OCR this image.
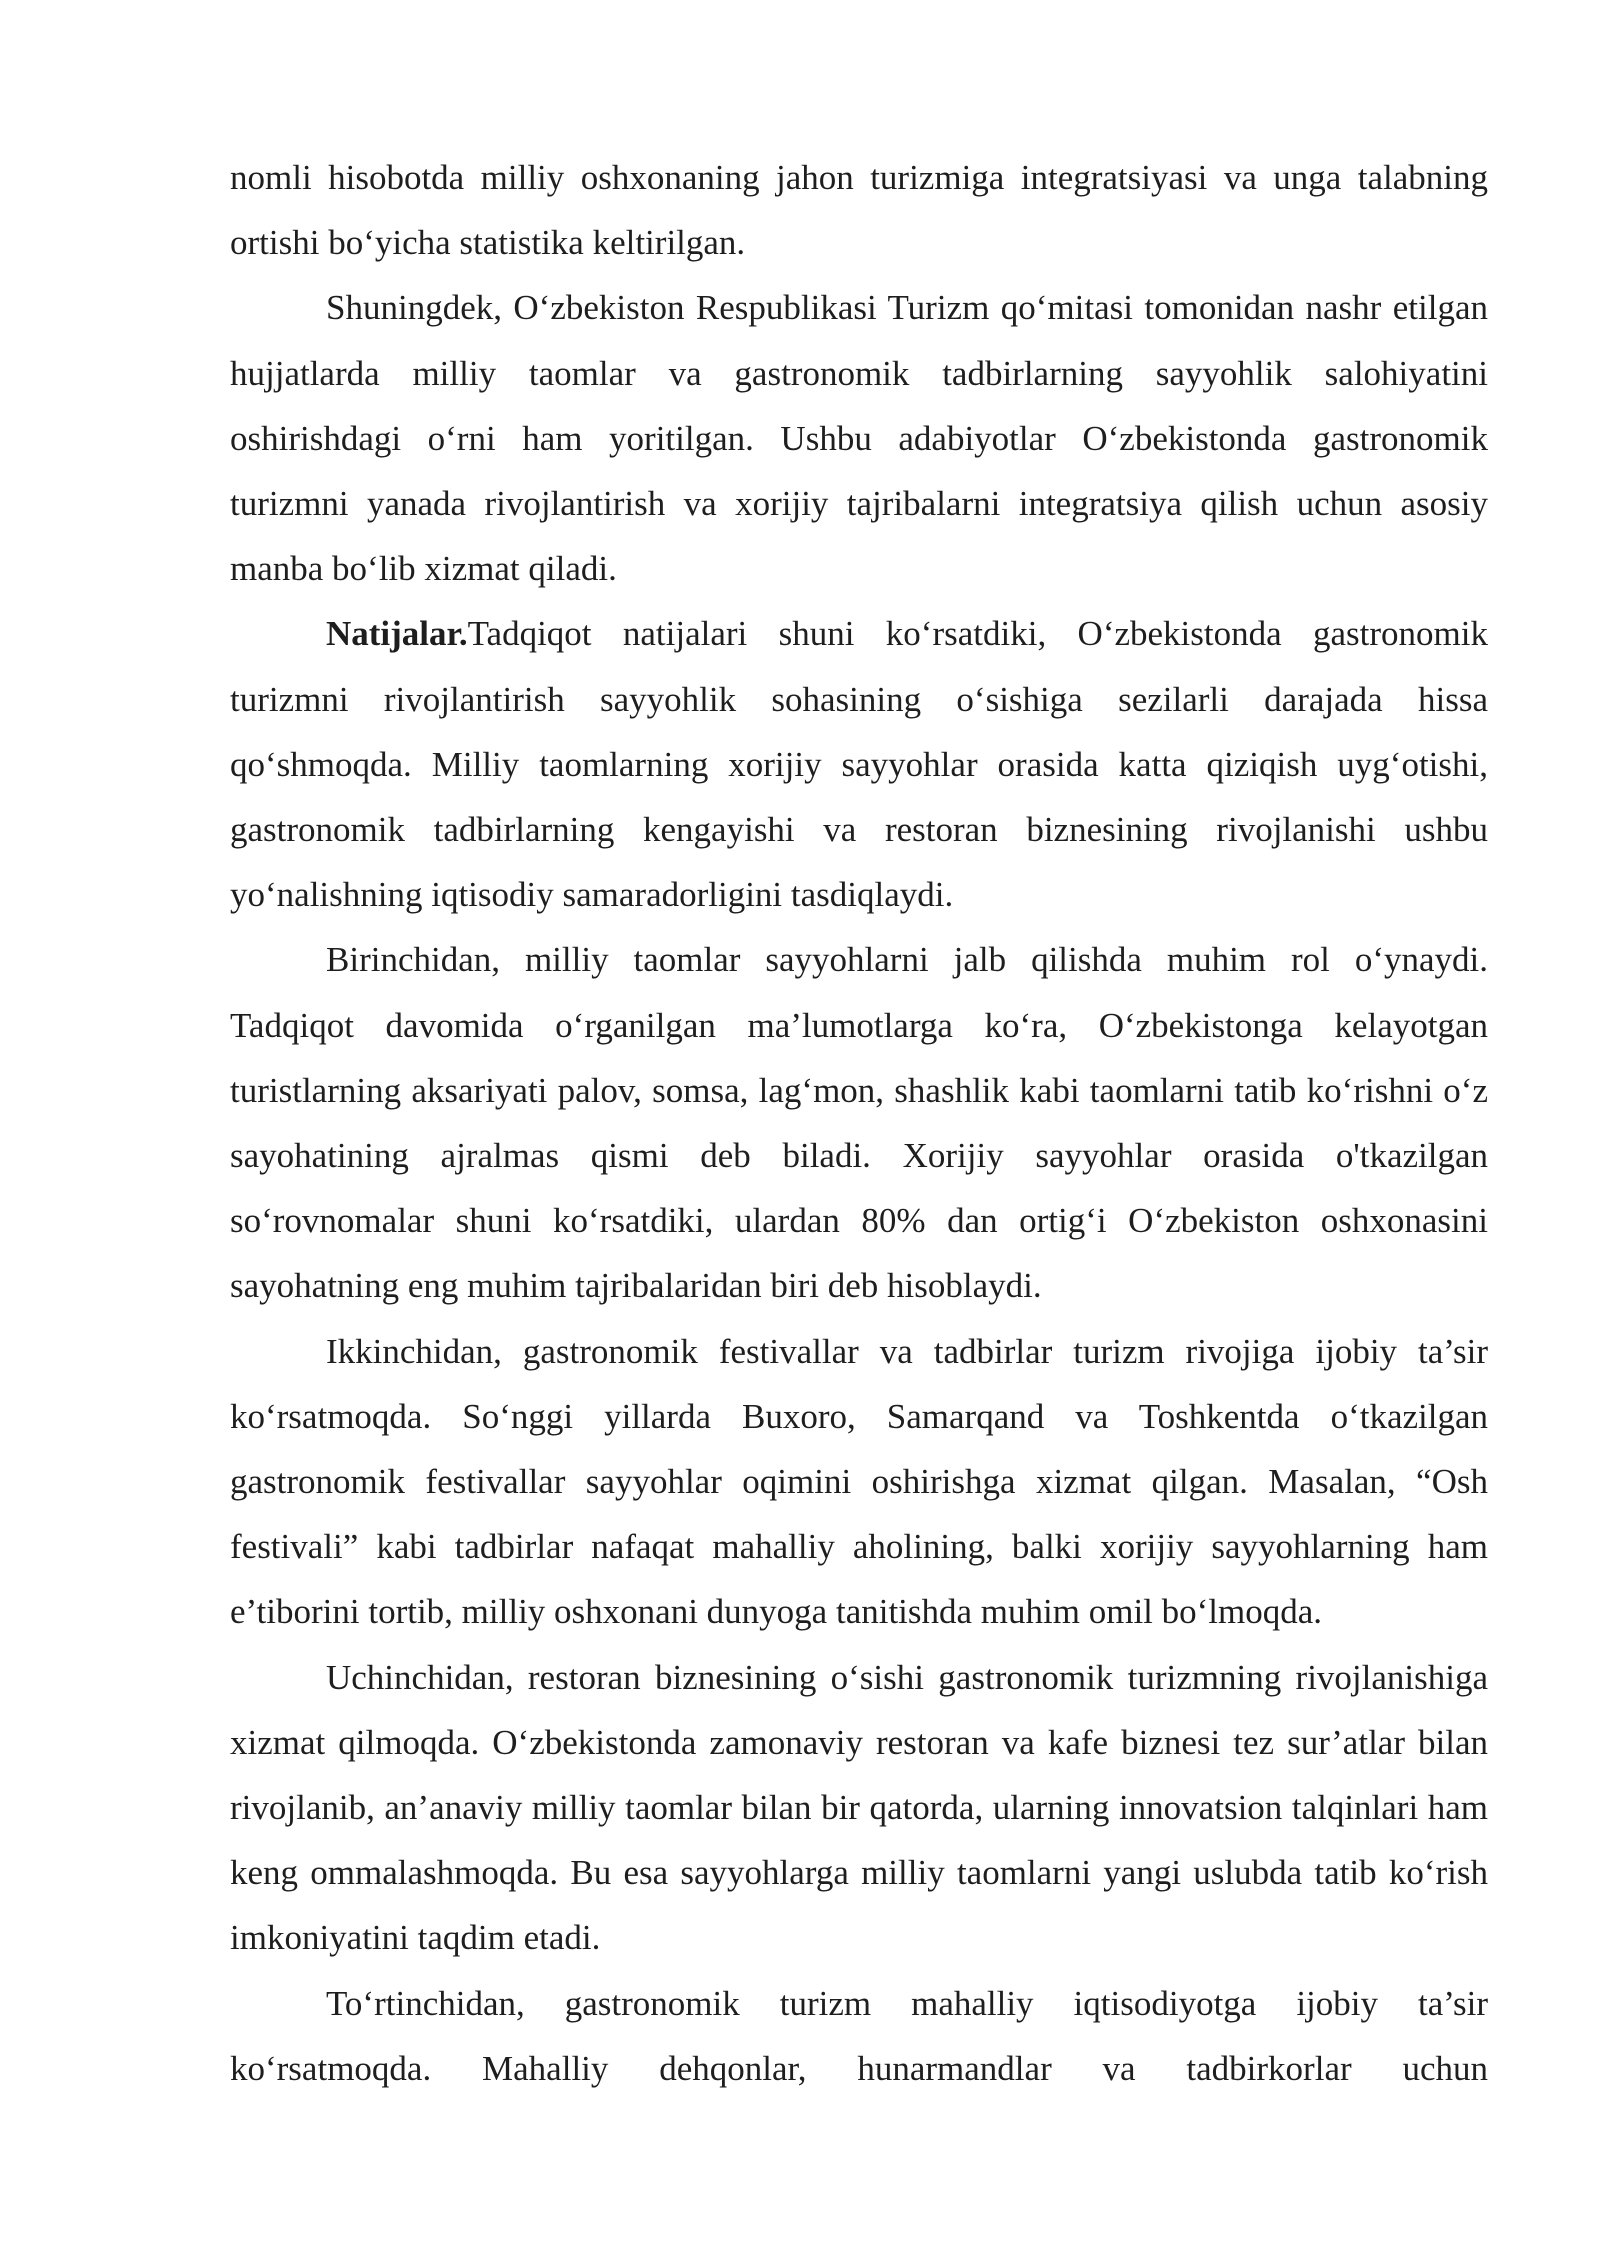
nomli hisobotda milliy oshxonaning jahon turizmiga integratsiyasi va unga talabning ortishi bo‘yicha statistika keltirilgan.

Shuningdek, O‘zbekiston Respublikasi Turizm qo‘mitasi tomonidan nashr etilgan hujjatlarda milliy taomlar va gastronomik tadbirlarning sayyohlik salohiyatini oshirishdagi o‘rni ham yoritilgan. Ushbu adabiyotlar O‘zbekistonda gastronomik turizmni yanada rivojlantirish va xorijiy tajribalarni integratsiya qilish uchun asosiy manba bo‘lib xizmat qiladi.

Natijalar.Tadqiqot natijalari shuni ko‘rsatdiki, O‘zbekistonda gastronomik turizmni rivojlantirish sayyohlik sohasining o‘sishiga sezilarli darajada hissa qo‘shmoqda. Milliy taomlarning xorijiy sayyohlar orasida katta qiziqish uyg‘otishi, gastronomik tadbirlarning kengayishi va restoran biznesining rivojlanishi ushbu yo‘nalishning iqtisodiy samaradorligini tasdiqlaydi.

Birinchidan, milliy taomlar sayyohlarni jalb qilishda muhim rol o‘ynaydi. Tadqiqot davomida o‘rganilgan ma’lumotlarga ko‘ra, O‘zbekistonga kelayotgan turistlarning aksariyati palov, somsa, lag‘mon, shashlik kabi taomlarni tatib ko‘rishni o‘z sayohatining ajralmas qismi deb biladi. Xorijiy sayyohlar orasida o'tkazilgan so‘rovnomalar shuni ko‘rsatdiki, ulardan 80% dan ortig‘i O‘zbekiston oshxonasini sayohatning eng muhim tajribalaridan biri deb hisoblaydi.

Ikkinchidan, gastronomik festivallar va tadbirlar turizm rivojiga ijobiy ta’sir ko‘rsatmoqda. So‘nggi yillarda Buxoro, Samarqand va Toshkentda o‘tkazilgan gastronomik festivallar sayyohlar oqimini oshirishga xizmat qilgan. Masalan, “Osh festivali” kabi tadbirlar nafaqat mahalliy aholining, balki xorijiy sayyohlarning ham e’tiborini tortib, milliy oshxonani dunyoga tanitishda muhim omil bo‘lmoqda.

Uchinchidan, restoran biznesining o‘sishi gastronomik turizmning rivojlanishiga xizmat qilmoqda. O‘zbekistonda zamonaviy restoran va kafe biznesi tez sur’atlar bilan rivojlanib, an’anaviy milliy taomlar bilan bir qatorda, ularning innovatsion talqinlari ham keng ommalashmoqda. Bu esa sayyohlarga milliy taomlarni yangi uslubda tatib ko‘rish imkoniyatini taqdim etadi.

To‘rtinchidan, gastronomik turizm mahalliy iqtisodiyotga ijobiy ta’sir ko‘rsatmoqda. Mahalliy dehqonlar, hunarmandlar va tadbirkorlar uchun
